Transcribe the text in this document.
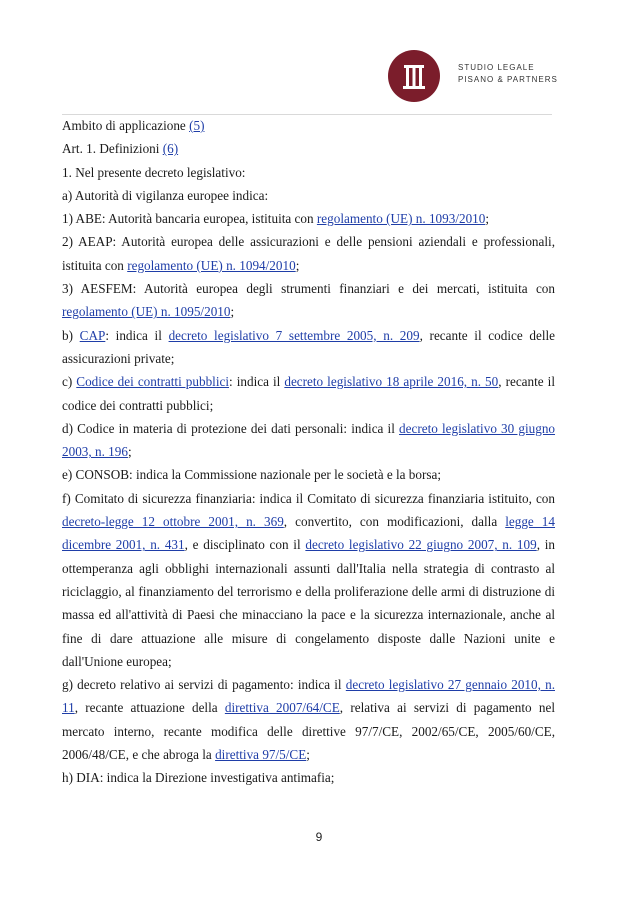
STUDIO LEGALE
PISANO & PARTNERS

Ambito di applicazione (5)

Art. 1. Definizioni (6)

1. Nel presente decreto legislativo:

a) Autorità di vigilanza europee indica:

1) ABE: Autorità bancaria europea, istituita con regolamento (UE) n. 1093/2010;

2) AEAP: Autorità europea delle assicurazioni e delle pensioni aziendali e professionali, istituita con regolamento (UE) n. 1094/2010;

3) AESFEM: Autorità europea degli strumenti finanziari e dei mercati, istituita con regolamento (UE) n. 1095/2010;

b) CAP: indica il decreto legislativo 7 settembre 2005, n. 209, recante il codice delle assicurazioni private;

c) Codice dei contratti pubblici: indica il decreto legislativo 18 aprile 2016, n. 50, recante il codice dei contratti pubblici;

d) Codice in materia di protezione dei dati personali: indica il decreto legislativo 30 giugno 2003, n. 196;

e) CONSOB: indica la Commissione nazionale per le società e la borsa;

f) Comitato di sicurezza finanziaria: indica il Comitato di sicurezza finanziaria istituito, con decreto-legge 12 ottobre 2001, n. 369, convertito, con modificazioni, dalla legge 14 dicembre 2001, n. 431, e disciplinato con il decreto legislativo 22 giugno 2007, n. 109, in ottemperanza agli obblighi internazionali assunti dall'Italia nella strategia di contrasto al riciclaggio, al finanziamento del terrorismo e della proliferazione delle armi di distruzione di massa ed all'attività di Paesi che minacciano la pace e la sicurezza internazionale, anche al fine di dare attuazione alle misure di congelamento disposte dalle Nazioni unite e dall'Unione europea;

g) decreto relativo ai servizi di pagamento: indica il decreto legislativo 27 gennaio 2010, n. 11, recante attuazione della direttiva 2007/64/CE, relativa ai servizi di pagamento nel mercato interno, recante modifica delle direttive 97/7/CE, 2002/65/CE, 2005/60/CE, 2006/48/CE, e che abroga la direttiva 97/5/CE;

h) DIA: indica la Direzione investigativa antimafia;

9
